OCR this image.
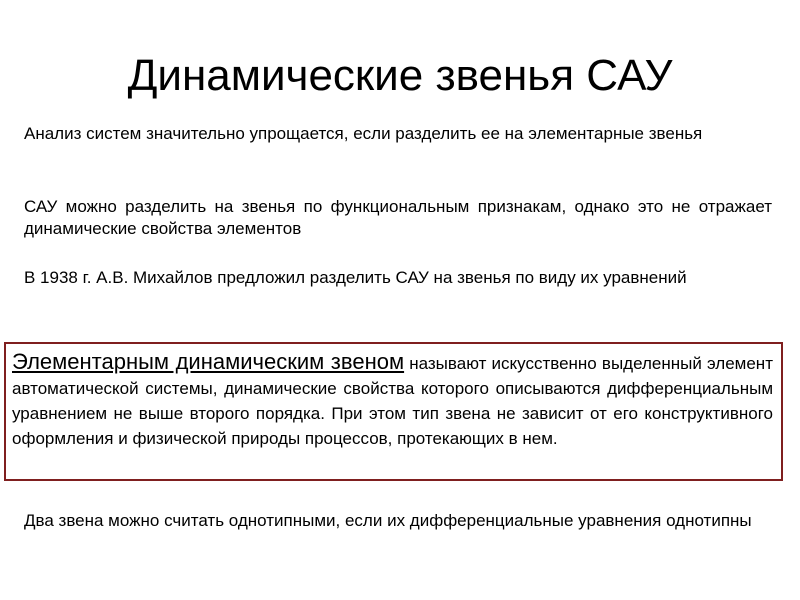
Динамические звенья САУ

Анализ систем значительно упрощается, если разделить ее на элементарные звенья

САУ можно разделить на звенья по функциональным признакам, однако это не отражает динамические свойства элементов

В 1938 г. А.В. Михайлов предложил разделить САУ на звенья по виду их уравнений

Элементарным динамическим звеном называют искусственно выделенный элемент автоматической системы, динамические свойства которого описываются дифференциальным уравнением не выше второго порядка. При этом тип звена не зависит от его конструктивного оформления и физической природы процессов, протекающих в нем.

Два звена можно считать однотипными, если их дифференциальные уравнения однотипны
